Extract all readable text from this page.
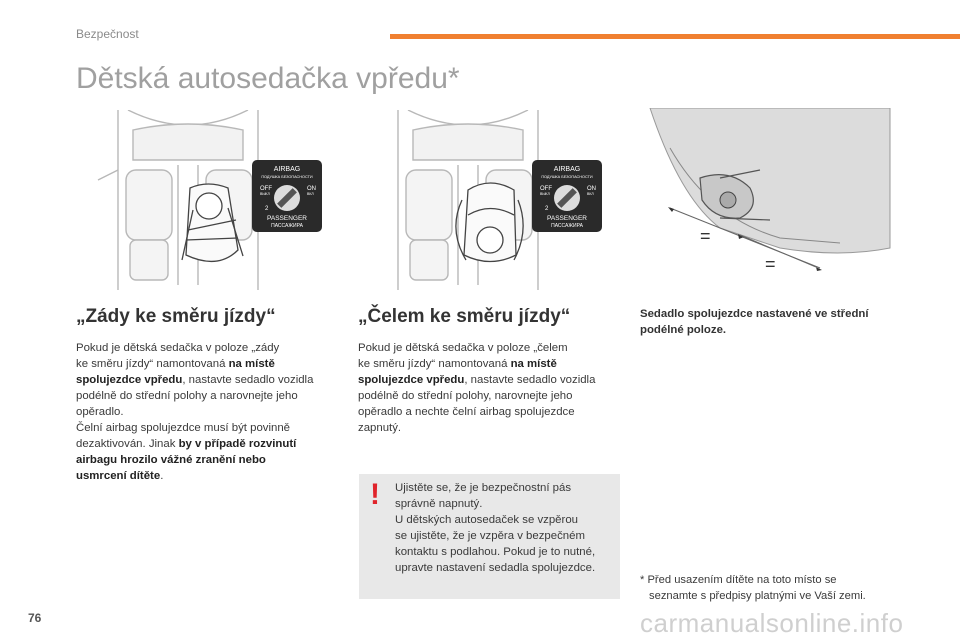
Bezpečnost
Dětská autosedačka vpředu*
AIRBAG
ПОДУШКА БЕЗОПАСНОСТИ
OFF
ВЫКЛ
ON
ВКЛ
2
PASSENGER
ПАССАЖИРА
AIRBAG
ПОДУШКА БЕЗОПАСНОСТИ
OFF
ВЫКЛ
ON
ВКЛ
2
PASSENGER
ПАССАЖИРА	=
=
„Zády ke směru jízdy“
Pokud je dětská sedačka v poloze „zády
ke směru jízdy“ namontovaná na místě
spolujezdce vpředu, nastavte sedadlo vozidla
podélně do střední polohy a narovnejte jeho
opěradlo.
Čelní airbag spolujezdce musí být povinně
dezaktivován. Jinak by v případě rozvinutí
airbagu hrozilo vážné zranění nebo
usmrcení dítěte.
„Čelem ke směru jízdy“
Pokud je dětská sedačka v poloze „čelem
ke směru jízdy“ namontovaná na místě
spolujezdce vpředu, nastavte sedadlo vozidla
podélně do střední polohy, narovnejte jeho
opěradlo a nechte čelní airbag spolujezdce
zapnutý.
! Ujistěte se, že je bezpečnostní pás
správně napnutý.
U dětských autosedaček se vzpěrou
se ujistěte, že je vzpěra v bezpečném
kontaktu s podlahou. Pokud je to nutné,
upravte nastavení sedadla spolujezdce.
Sedadlo spolujezdce nastavené ve střední
podélné poloze.
* Před usazením dítěte na toto místo se
seznamte s předpisy platnými ve Vaší zemi.
76	carmanualsonline.info
